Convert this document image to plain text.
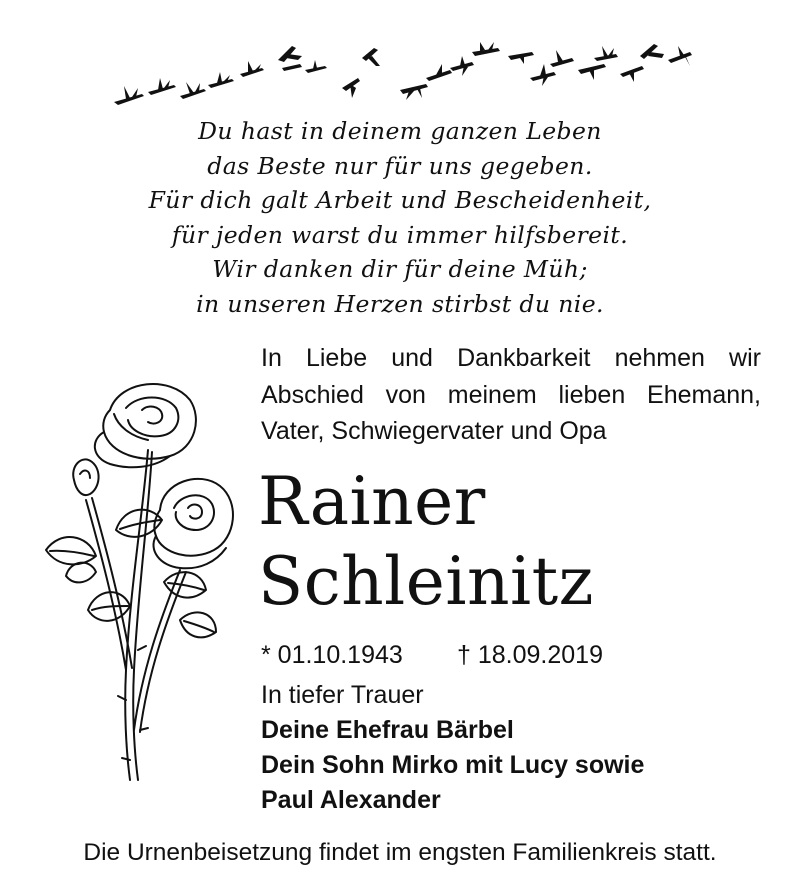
Du hast in deinem ganzen Leben
das Beste nur für uns gegeben.
Für dich galt Arbeit und Bescheidenheit,
für jeden warst du immer hilfsbereit.
Wir danken dir für deine Müh;
in unseren Herzen stirbst du nie.
In Liebe und Dankbarkeit nehmen wir
Abschied von meinem lieben Ehemann,
Vater, Schwiegervater und Opa
Rainer
Schleinitz
* 01.10.1943 † 18.09.2019
In tiefer Trauer
Deine Ehefrau Bärbel
Dein Sohn Mirko mit Lucy sowie
Paul Alexander
Die Urnenbeisetzung findet im engsten Familienkreis statt.
